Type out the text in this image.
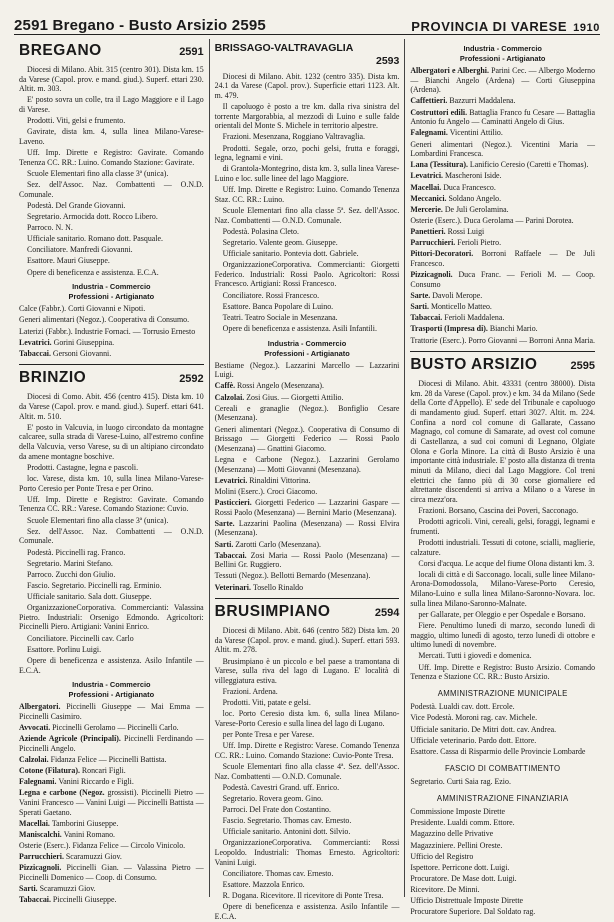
2591 Bregano - Busto Arsizio 2595	PROVINCIA DI VARESE 1910
BREGANO	2591

Diocesi di Milano. Abit. 315 (centro 301). Dista km. 15 da Varese (Capol. prov. e mand. giud.). Superf. ettari 230. Altit. m. 303.

E' posto sovra un colle, tra il Lago Maggiore e il Lago di Varese.

Prodotti. Viti, gelsi e frumento.

Gavirate, dista km. 4, sulla linea Milano-Varese-Laveno.

Uff. Imp. Dirette e Registro: Gavirate. Comando Tenenza CC. RR.: Luino. Comando Stazione: Gavirate.

Scuole Elementari fino alla classe 3ª (unica).

Sez. dell'Assoc. Naz. Combattenti — O.N.D. Comunale.

Podestà. Del Grande Giovanni.

Segretario. Armocida dott. Rocco Libero.

Parroco. N. N.

Ufficiale sanitario. Romano dott. Pasquale.

Conciliatore. Manfredi Giovanni.

Esattore. Mauri Giuseppe.

Opere di beneficenza e assistenza. E.C.A.

Industria - Commercio
Professioni - Artigianato

Calce (Fabbr.). Corti Giovanni e Nipoti.

Generi alimentari (Negoz.). Cooperativa di Consumo.

Laterizi (Fabbr.). Industrie Fornaci. — Torrusio Ernesto

Levatrici. Gorini Giuseppina.

Tabaccai. Gersoni Giovanni.

BRINZIO	2592

Diocesi di Como. Abit. 456 (centro 415). Dista km. 10 da Varese (Capol. prov. e mand. giud.). Superf. ettari 641. Altit. m. 510.

E' posto in Valcuvia, in luogo circondato da montagne calcaree, sulla strada di Varese-Luino, all'estremo confine della Valcuvia, verso Varese, su di un altipiano circondato da amene montagne boschive.

Prodotti. Castagne, legna e pascoli.

loc. Varese, dista km. 10, sulla linea Milano-Varese-Porto Ceresio per Ponte Tresa e per Orino.

Uff. Imp. Dirette e Registro: Gavirate. Comando Tenenza CC. RR.: Varese. Comando Stazione: Cuvio.

Scuole Elementari fino alla classe 3ª (unica).

Sez. dell'Assoc. Naz. Combattenti — O.N.D. Comunale.

Podestà. Piccinelli rag. Franco.

Segretario. Marini Stefano.

Parroco. Zucchi don Giulio.

Fascio. Segretario. Piccinelli rag. Erminio.

Ufficiale sanitario. Sala dott. Giuseppe.

OrganizzazioneCorporativa. Commercianti: Valassina Pietro. Industriali: Orsenigo Edmondo. Agricoltori: Piccinelli Piero. Artigiani: Vanini Enrico.

Conciliatore. Piccinelli cav. Carlo

Esattore. Porlinu Luigi.

Opere di beneficenza e assistenza. Asilo Infantile — E.C.A.

Industria - Commercio
Professioni - Artigianato

Albergatori. Piccinelli Giuseppe — Mai Emma — Piccinelli Casimiro.

Avvocati. Piccinelli Gerolamo — Piccinelli Carlo.

Aziende Agricole (Principali). Piccinelli Ferdinando — Piccinelli Angelo.

Calzolai. Fidanza Felice — Piccinelli Battista.

Cotone (Filatura). Roncari Figli.

Falegnami. Vanini Riccardo e Figli.

Legna e carbone (Negoz. grossisti). Piccinelli Pietro — Vanini Francesco — Vanini Luigi — Piccinelli Battista — Sperati Gaetano.

Macellai. Tamborini Giuseppe.

Maniscalchi. Vanini Romano.

Osterie (Eserc.). Fidanza Felice — Circolo Vinicolo.

Parrucchieri. Scaramuzzi Giov.

Pizzicagnoli. Piccinelli Gian. — Valassina Pietro — Piccinelli Domenico — Coop. di Consumo.

Sarti. Scaramuzzi Giov.

Tabaccai. Piccinelli Giuseppe.

BRISSAGO-VALTRAVAGLIA
2593

Diocesi di Milano. Abit. 1232 (centro 335). Dista km. 24.1 da Varese (Capol. prov.). Superficie ettari 1123. Alt. m. 479.

Il capoluogo è posto a tre km. dalla riva sinistra del torrente Margorabbia, al mezzodì di Luino e sulle falde orientali del Monte S. Michele in territorio alpestre.

Frazioni. Mesenzana, Roggiano Valtravaglia.

Prodotti. Segale, orzo, pochi gelsi, frutta e foraggi, legna, legnami e vini.

di Grantola-Montegrino, dista km. 3, sulla linea Varese-Luino e loc. sulle linee del lago Maggiore.

Uff. Imp. Dirette e Registro: Luino. Comando Tenenza Staz. CC. RR.: Luino.

Scuole Elementari fino alla classe 5ª. Sez. dell'Assoc. Naz. Combattenti — O.N.D. Comunale.

Podestà. Polasina Cleto.

Segretario. Valente geom. Giuseppe.

Ufficiale sanitario. Pontevia dott. Gabriele.

OrganizzazioneCorporativa. Commercianti: Giorgetti Federico. Industriali: Rossi Paolo. Agricoltori: Rossi Francesco. Artigiani: Rossi Francesco.

Conciliatore. Rossi Francesco.

Esattore. Banca Popolare di Luino.

Teatri. Teatro Sociale in Mesenzana.

Opere di beneficenza e assistenza. Asili Infantili.

Industria - Commercio
Professioni - Artigianato

Bestiame (Negoz.). Lazzarini Marcello — Lazzarini Luigi.

Caffè. Rossi Angelo (Mesenzana).

Calzolai. Zosi Gius. — Giorgetti Attilio.

Cereali e granaglie (Negoz.). Bonfiglio Cesare (Mesenzana).

Generi alimentari (Negoz.). Cooperativa di Consumo di Brissago — Giorgetti Federico — Rossi Paolo (Mesenzana) — Gnattini Giacomo.

Legna e Carbone (Negoz.). Lazzarini Gerolamo (Mesenzana) — Motti Giovanni (Mesenzana).

Levatrici. Rinaldini Vittorina.

Molini (Eserc.). Croci Giacomo.

Pasticcieri. Giorgetti Federico — Lazzarini Gaspare — Rossi Paolo (Mesenzana) — Bernini Mario (Mesenzana).

Sarte. Lazzarini Paolina (Mesenzana) — Rossi Elvira (Mesenzana).

Sarti. Zarotti Carlo (Mesenzana).

Tabaccai. Zosi Maria — Rossi Paolo (Mesenzana) — Bellini Gr. Ruggiero.

Tessuti (Negoz.). Bellotti Bernardo (Mesenzana).

Veterinari. Tosello Rinaldo

BRUSIMPIANO	2594

Diocesi di Milano. Abit. 646 (centro 582) Dista km. 20 da Varese (Capol. prov. e mand. giud.). Superf. ettari 593. Altit. m. 278.

Brusimpiano è un piccolo e bel paese a tramontana di Varese, sulla riva del lago di Lugano. E' località di villeggiatura estiva.

Frazioni. Ardena.

Prodotti. Viti, patate e gelsi.

loc. Porto Ceresio dista km. 6, sulla linea Milano-Varese-Porto Ceresio e sulla linea del lago di Lugano.

per Ponte Tresa e per Varese.

Uff. Imp. Dirette e Registro: Varese. Comando Tenenza CC. RR.: Luino. Comando Stazione: Cuvio-Ponte Tresa.

Scuole Elementari fino alla classe 4ª. Sez. dell'Assoc. Naz. Combattenti — O.N.D. Comunale.

Podestà. Cavestri Grand. uff. Enrico.

Segretario. Rovera geom. Gino.

Parroci. Del Frate don Costantino.

Fascio. Segretario. Thomas cav. Ernesto.

Ufficiale sanitario. Antonini dott. Silvio.

OrganizzazioneCorporativa. Commercianti: Rossi Leopoldo. Industriali: Thomas Ernesto. Agricoltori: Vanini Luigi.

Conciliatore. Thomas cav. Ernesto.

Esattore. Mazzola Enrico.

R. Dogana. Ricevitore. Il ricevitore di Ponte Tresa.

Opere di beneficenza e assistenza. Asilo Infantile — E.C.A.

Industria - Commercio
Professioni - Artigianato

Albergatori e Alberghi. Parini Cec. — Albergo Moderno — Bianchi Angelo (Ardena) — Corti Giuseppina (Ardena).

Caffettieri. Bazzurri Maddalena.

Costruttori edili. Battaglia Franco fu Cesare — Battaglia Antonio fu Angelo — Caminatti Angelo di Gius.

Falegnami. Vicentini Attilio.

Generi alimentari (Negoz.). Vicentini Maria — Lombardini Francesca.

Lana (Tessitura). Lanificio Ceresio (Caretti e Thomas).

Levatrici. Mascheroni Iside.

Macellai. Duca Francesco.

Meccanici. Soldano Angelo.

Mercerie. De Juli Gerolamina.

Osterie (Eserc.). Duca Gerolama — Parini Dorotea.

Panettieri. Rossi Luigi

Parrucchieri. Ferioli Pietro.

Pittori-Decoratori. Borroni Raffaele — De Juli Francesco.

Pizzicagnoli. Duca Franc. — Ferioli M. — Coop. Consumo

Sarte. Davoli Merope.

Sarti. Monticello Matteo.

Tabaccai. Ferioli Maddalena.

Trasporti (Impresa di). Bianchi Mario.

Trattorie (Eserc.). Porro Giovanni — Borroni Anna Maria.

BUSTO ARSIZIO	2595

Diocesi di Milano. Abit. 43331 (centro 38000). Dista km. 28 da Varese (Capol. prov.) e km. 34 da Milano (Sede della Corte d'Appello). E' sede del Tribunale e capoluogo di mandamento giud. Superf. ettari 3027. Altit. m. 224. Confina a nord col comune di Gallarate, Cassano Magnago, col comune di Samarate, ad ovest col comune di Castellanza, a sud coi comuni di Legnano, Olgiate Olona e Gorla Minore. La città di Busto Arsizio è una importante città industriale. E' posto alla distanza di trenta minuti da Milano, dieci dal Lago Maggiore. Col treni elettrici che fanno più di 30 corse giornaliere ed altrettante discendenti si arriva a Milano o a Varese in circa mezz'ora.

Frazioni. Borsano, Cascina dei Poveri, Sacconago.

Prodotti agricoli. Vini, cereali, gelsi, foraggi, legnami e frumenti.

Prodotti industriali. Tessuti di cotone, scialli, maglierie, calzature.

Corsi d'acqua. Le acque del fiume Olona distanti km. 3.

locali di città e di Sacconago. locali, sulle linee Milano-Arona-Domodossola, Milano-Varese-Porto Ceresio, Milano-Luino e sulla linea Milano-Saronno-Novara. loc. sulla linea Milano-Saronno-Malnate.

per Gallarate, per Oleggio e per Ospedale e Borsano.

Fiere. Penultimo lunedì di marzo, secondo lunedì di maggio, ultimo lunedì di agosto, terzo lunedì di ottobre e ultimo lunedì di novembre.

Mercati. Tutti i giovedì e domenica.

Uff. Imp. Dirette e Registro: Busto Arsizio. Comando Tenenza e Stazione CC. RR.: Busto Arsizio.

AMMINISTRAZIONE MUNICIPALE

Podestà. Lualdi cav. dott. Ercole.

Vice Podestà. Moroni rag. cav. Michele.

Ufficiale sanitario. De Mitri dott. cav. Andrea.

Ufficiale veterinario. Pardo dott. Ettore.

Esattore. Cassa di Risparmio delle Provincie Lombarde

FASCIO DI COMBATTIMENTO

Segretario. Curti Saia rag. Ezio.

AMMINISTRAZIONE FINANZIARIA

Commissione Imposte Dirette

Presidente. Lualdi comm. Ettore.

Magazzino delle Privative

Magazziniere. Pellini Oreste.

Ufficio del Registro

Ispettore. Perricone dott. Luigi.

Procuratore. De Mase dott. Luigi.

Ricevitore. De Minni.

Ufficio Distrettuale Imposte Dirette

Procuratore Superiore. Dal Soldato rag.
